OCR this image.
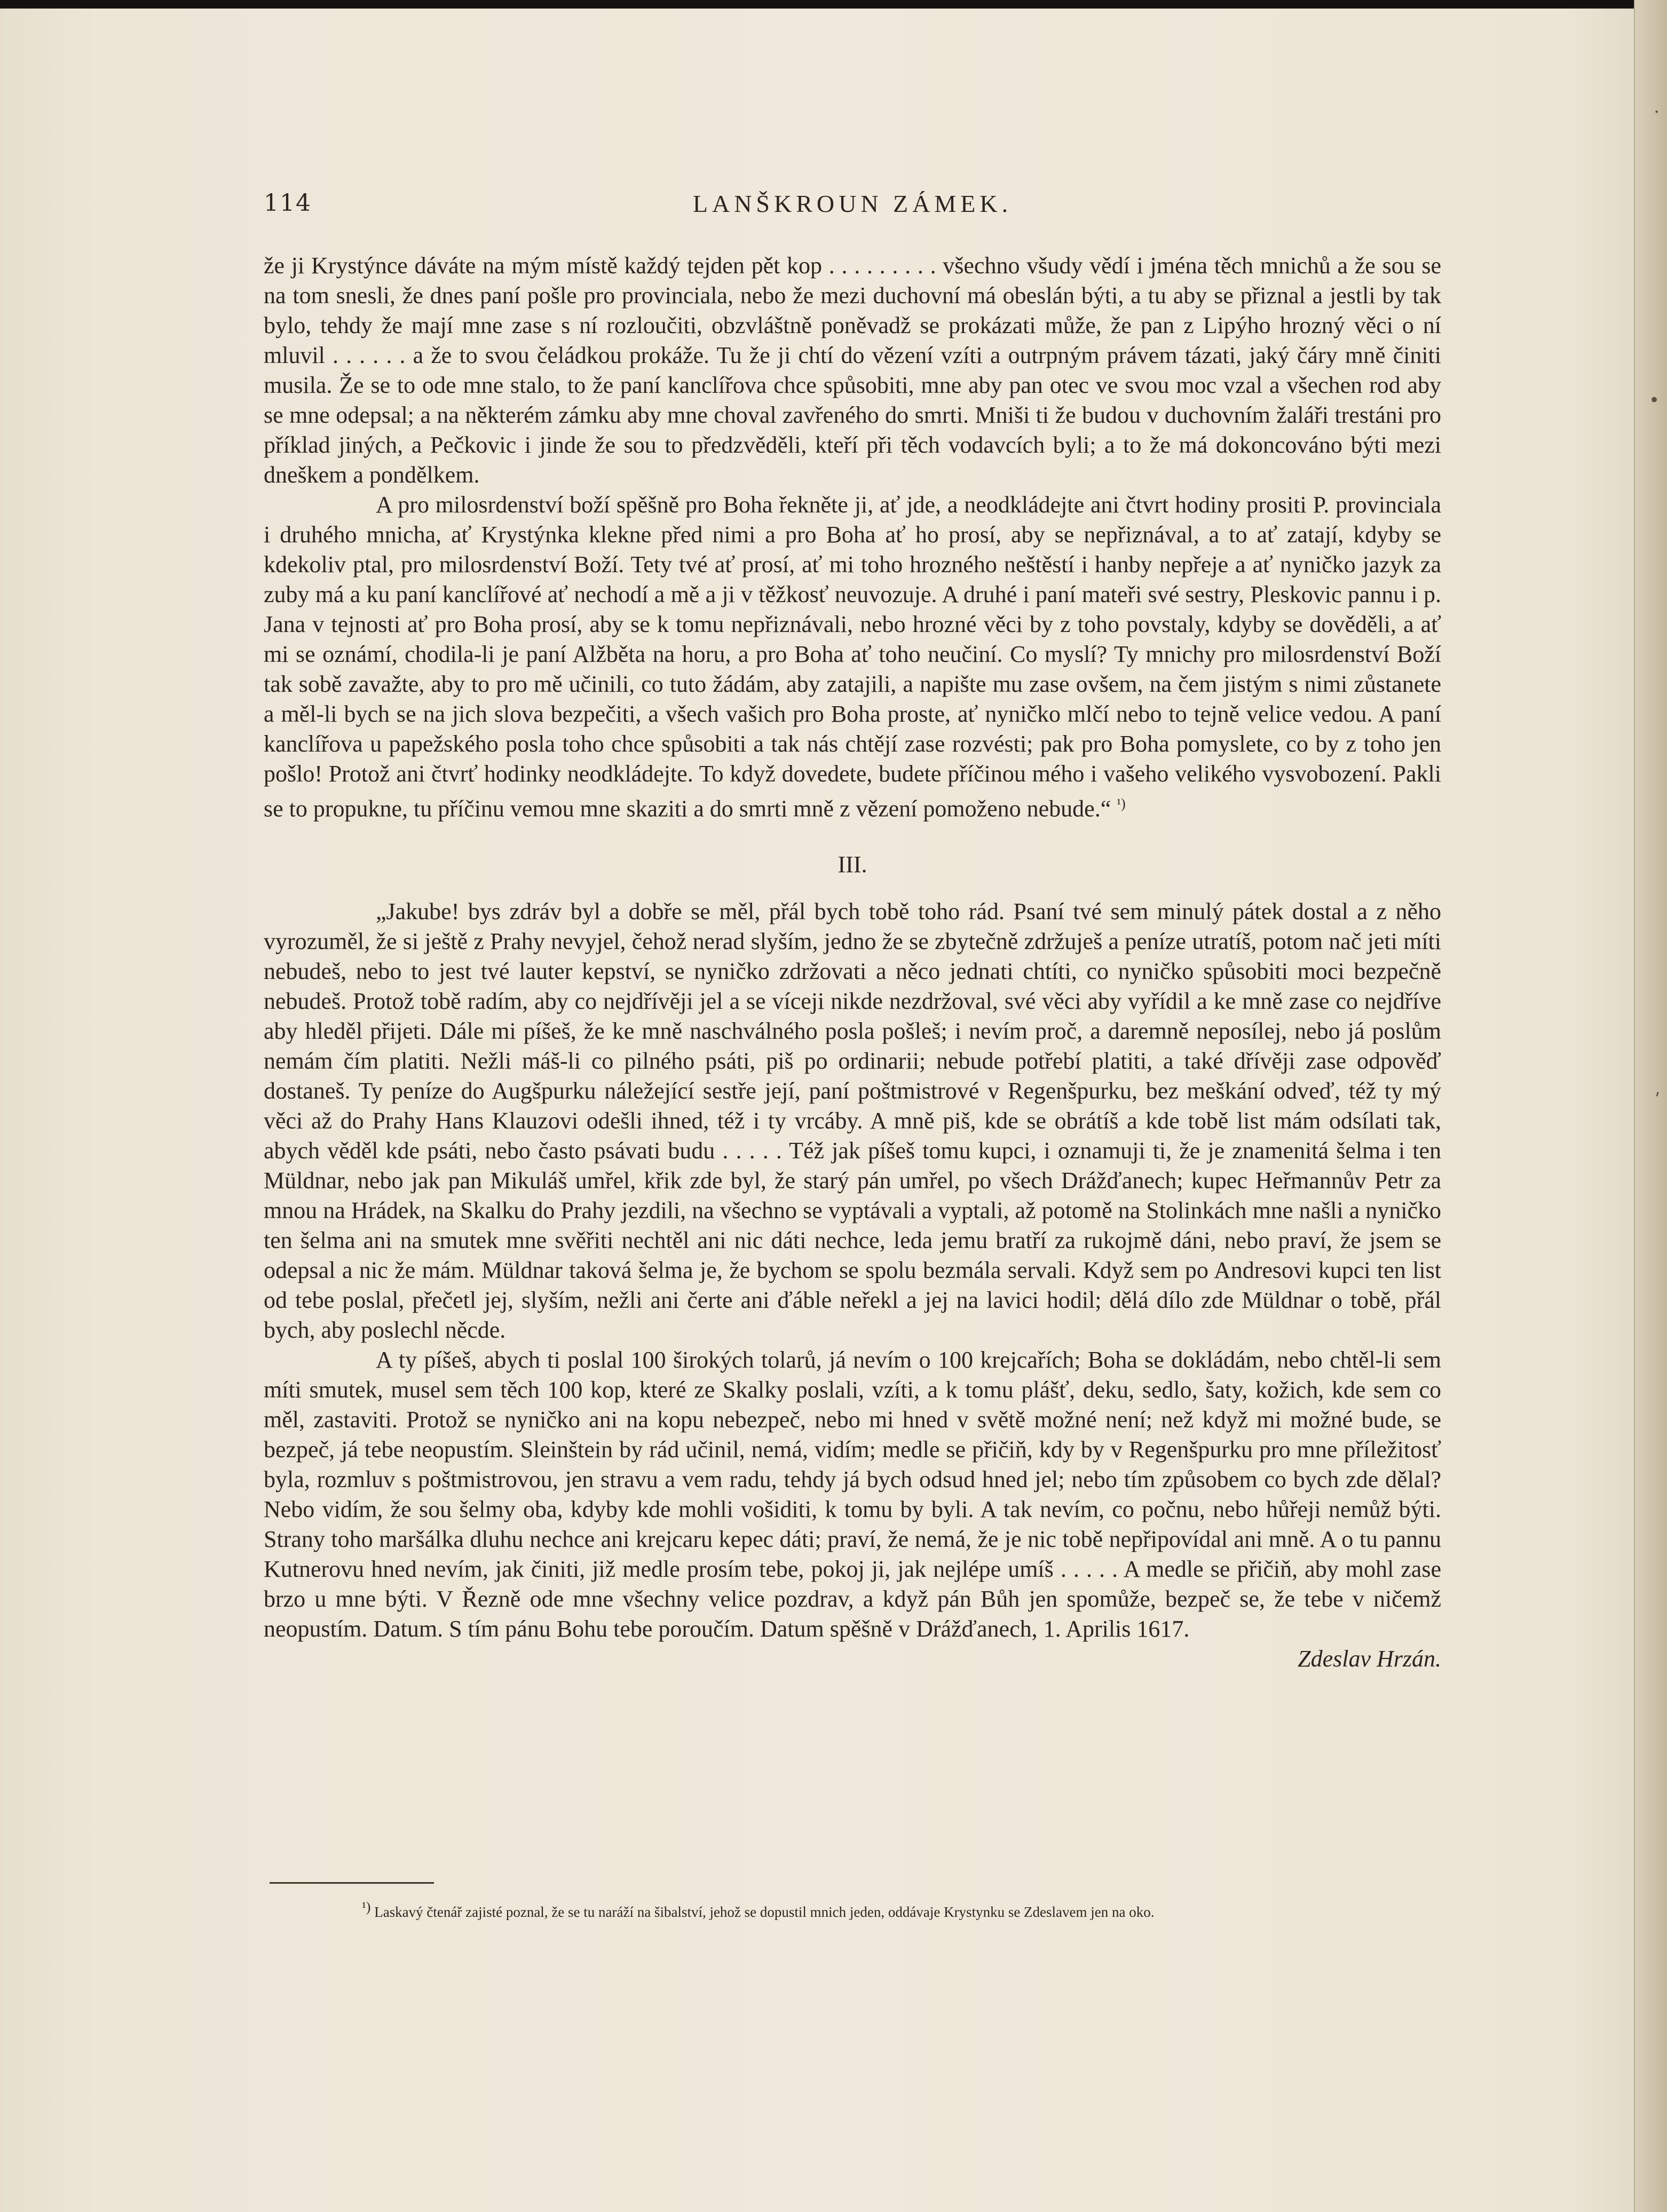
·
•
ʼ
114	LANŠKROUN ZÁMEK.

že ji Krystýnce dáváte na mým místě každý tejden pět kop . . . . . . . . . všechno všudy vědí i jména těch mnichů a že sou se na tom snesli, že dnes paní pošle pro provinciala, nebo že mezi duchovní má obeslán býti, a tu aby se přiznal a jestli by tak bylo, tehdy že mají mne zase s ní rozloučiti, obzvláštně poněvadž se prokázati může, že pan z Lipýho hrozný věci o ní mluvil . . . . . . a že to svou čeládkou prokáže. Tu že ji chtí do vězení vzíti a outrpným právem tázati, jaký čáry mně činiti musila. Že se to ode mne stalo, to že paní kanclířova chce spůsobiti, mne aby pan otec ve svou moc vzal a všechen rod aby se mne odepsal; a na některém zámku aby mne choval zavřeného do smrti. Mniši ti že budou v duchovním žaláři trestáni pro příklad jiných, a Pečkovic i jinde že sou to předzvěděli, kteří při těch vodavcích byli; a to že má dokoncováno býti mezi dneškem a pondělkem.

A pro milosrdenství boží spěšně pro Boha řekněte ji, ať jde, a neodkládejte ani čtvrt hodiny prositi P. provinciala i druhého mnicha, ať Krystýnka klekne před nimi a pro Boha ať ho prosí, aby se nepřiznával, a to ať zatají, kdyby se kdekoliv ptal, pro milosrdenství Boží. Tety tvé ať prosí, ať mi toho hrozného neštěstí i hanby nepřeje a ať nyničko jazyk za zuby má a ku paní kanclířové ať nechodí a mě a ji v těžkosť neuvozuje. A druhé i paní mateři své sestry, Pleskovic pannu i p. Jana v tejnosti ať pro Boha prosí, aby se k tomu nepřiznávali, nebo hrozné věci by z toho povstaly, kdyby se dověděli, a ať mi se oznámí, chodila-li je paní Alžběta na horu, a pro Boha ať toho neučiní. Co myslí? Ty mnichy pro milosrdenství Boží tak sobě zavažte, aby to pro mě učinili, co tuto žádám, aby zatajili, a napište mu zase ovšem, na čem jistým s nimi zůstanete a měl-li bych se na jich slova bezpečiti, a všech vašich pro Boha proste, ať nyničko mlčí nebo to tejně velice vedou. A paní kanclířova u papežského posla toho chce spůsobiti a tak nás chtějí zase rozvésti; pak pro Boha pomyslete, co by z toho jen pošlo! Protož ani čtvrť hodinky neodkládejte. To když dovedete, budete příčinou mého i vašeho velikého vysvobození. Pakli se to propukne, tu příčinu vemou mne skaziti a do smrti mně z vězení pomoženo nebude.“ $^{^1)}$

III.

„Jakube! bys zdráv byl a dobře se měl, přál bych tobě toho rád. Psaní tvé sem minulý pátek dostal a z něho vyrozuměl, že si ještě z Prahy nevyjel, čehož nerad slyším, jedno že se zbytečně zdržuješ a peníze utratíš, potom nač jeti míti nebudeš, nebo to jest tvé lauter kepství, se nyničko zdržovati a něco jednati chtíti, co nyničko spůsobiti moci bezpečně nebudeš. Protož tobě radím, aby co nejdřívěji jel a se víceji nikde nezdržoval, své věci aby vyřídil a ke mně zase co nejdříve aby hleděl přijeti. Dále mi píšeš, že ke mně naschválného posla pošleš; i nevím proč, a daremně neposílej, nebo já poslům nemám čím platiti. Nežli máš-li co pilného psáti, piš po ordinarii; nebude potřebí platiti, a také dřívěji zase odpověď dostaneš. Ty peníze do Augšpurku náležející sestře její, paní poštmistrové v Regenšpurku, bez meškání odveď, též ty mý věci až do Prahy Hans Klauzovi odešli ihned, též i ty vrcáby. A mně piš, kde se obrátíš a kde tobě list mám odsílati tak, abych věděl kde psáti, nebo často psávati budu . . . . . Též jak píšeš tomu kupci, i oznamuji ti, že je znamenitá šelma i ten Müldnar, nebo jak pan Mikuláš umřel, křik zde byl, že starý pán umřel, po všech Drážďanech; kupec Heřmannův Petr za mnou na Hrádek, na Skalku do Prahy jezdili, na všechno se vyptávali a vyptali, až potomě na Stolinkách mne našli a nyničko ten šelma ani na smutek mne svěřiti nechtěl ani nic dáti nechce, leda jemu bratří za rukojmě dáni, nebo praví, že jsem se odepsal a nic že mám. Müldnar taková šelma je, že bychom se spolu bezmála servali. Když sem po Andresovi kupci ten list od tebe poslal, přečetl jej, slyším, nežli ani čerte ani ďáble neřekl a jej na lavici hodil; dělá dílo zde Müldnar o tobě, přál bych, aby poslechl něcde.

A ty píšeš, abych ti poslal 100 širokých tolarů, já nevím o 100 krejcařích; Boha se dokládám, nebo chtěl-li sem míti smutek, musel sem těch 100 kop, které ze Skalky poslali, vzíti, a k tomu plášť, deku, sedlo, šaty, kožich, kde sem co měl, zastaviti. Protož se nyničko ani na kopu nebezpeč, nebo mi hned v světě možné není; než když mi možné bude, se bezpeč, já tebe neopustím. Sleinštein by rád učinil, nemá, vidím; medle se přičiň, kdy by v Regenšpurku pro mne příležitosť byla, rozmluv s poštmistrovou, jen stravu a vem radu, tehdy já bych odsud hned jel; nebo tím způsobem co bych zde dělal? Nebo vidím, že sou šelmy oba, kdyby kde mohli vošiditi, k tomu by byli. A tak nevím, co počnu, nebo hůřeji nemůž býti. Strany toho maršálka dluhu nechce ani krejcaru kepec dáti; praví, že nemá, že je nic tobě nepřipovídal ani mně. A o tu pannu Kutnerovu hned nevím, jak činiti, již medle prosím tebe, pokoj ji, jak nejlépe umíš . . . . . A medle se přičiň, aby mohl zase brzo u mne býti. V Řezně ode mne všechny velice pozdrav, a když pán Bůh jen spomůže, bezpeč se, že tebe v ničemž neopustím. Datum. S tím pánu Bohu tebe poroučím. Datum spěšně v Drážďanech, 1. Aprilis 1617.
Zdeslav Hrzán.

$^{^1)}$ Laskavý čtenář zajisté poznal, že se tu naráží na šibalství, jehož se dopustil mnich jeden, oddávaje Krystynku se Zdeslavem jen na oko.
